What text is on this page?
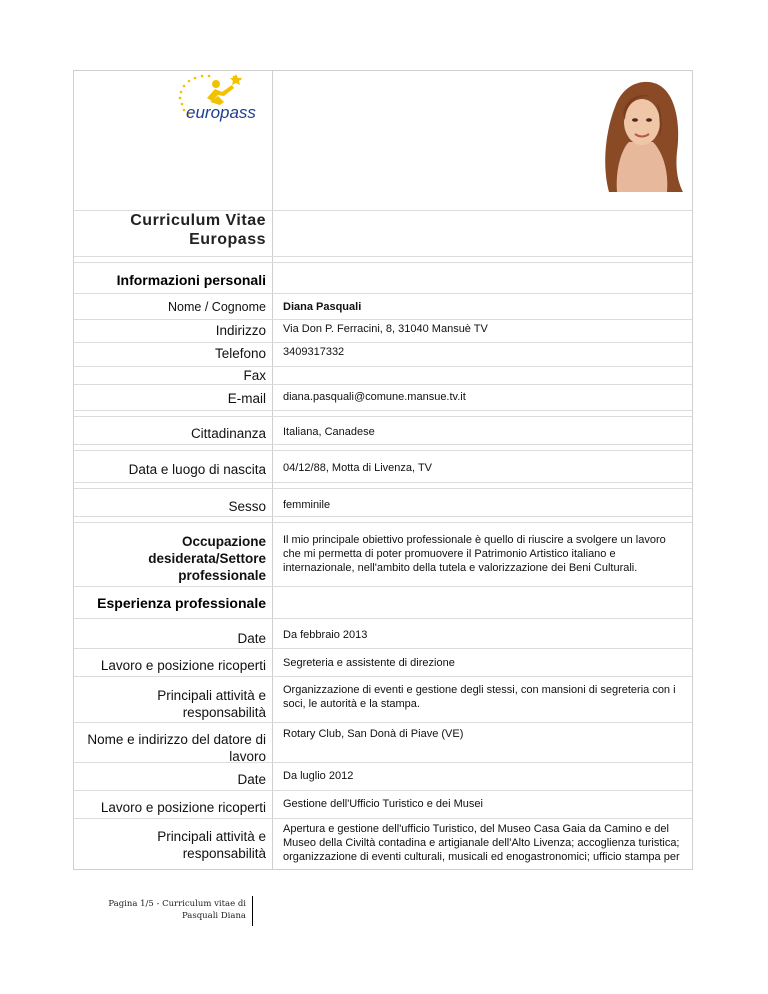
europass
Curriculum Vitae
Europass
Informazioni personali
Nome / Cognome Diana Pasquali
Indirizzo Via Don P. Ferracini, 8, 31040 Mansuè TV
Telefono 3409317332
Fax
E-mail diana.pasquali@comune.mansue.tv.it
Cittadinanza Italiana, Canadese
Data e luogo di nascita 04/12/88, Motta di Livenza, TV
Sesso femminile
Occupazione desiderata/Settore professionale
Il mio principale obiettivo professionale è quello di riuscire a svolgere un lavoro che mi permetta di poter promuovere il Patrimonio Artistico italiano e internazionale, nell'ambito della tutela e valorizzazione dei Beni Culturali.
Esperienza professionale
Date Da febbraio 2013
Lavoro e posizione ricoperti Segreteria e assistente di direzione
Principali attività e responsabilità
Organizzazione di eventi e gestione degli stessi, con mansioni di segreteria con i soci, le autorità e la stampa.
Nome e indirizzo del datore di lavoro
Rotary Club, San Donà di Piave (VE)
Date Da luglio 2012
Lavoro e posizione ricoperti Gestione dell'Ufficio Turistico e dei Musei
Principali attività e responsabilità
Apertura e gestione dell'ufficio Turistico, del Museo Casa Gaia da Camino e del Museo della Civiltà contadina e artigianale dell'Alto Livenza; accoglienza turistica; organizzazione di eventi culturali, musicali ed enogastronomici; ufficio stampa per
Pagina 1/5 - Curriculum vitae di
Pasquali Diana
